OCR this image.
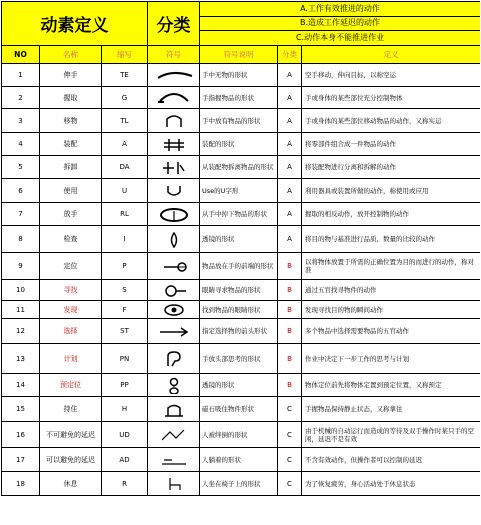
动素定义			分类	A.工作有效推进的动作		
				B.造成工作延迟的动作		
				C.动作本身不能推进作业		
NO	名称	缩写	符号	符号说明	分类	定义
1	伸手	TE		手中无物的形状	A	空手移动，伸向目标，以称空运
2	握取	G		手指握物品的形状	A	手或身体的某些部位充分控制物体
3	移物	TL		手中放有物品的形状	A	手或身体的某些部位移动物品的动作，又称实运
4	装配	A		装配的形状	A	将零部件组合成一件物品的动作
5	拆卸	DA		从装配物拆离物品的形状	A	将装配物进行分离和拆解的动作
6	使用	U		Use的U字形	A	利用器具或装置所做的动作，称使用或应用
7	放手	RL		从手中掉下物品的形状	A	握取的相反动作，放开控制物的动作
8	检查	I		透镜的形状	A	将目的物与基准进行品质，数量的比较的动作
9	定位	P		物品放在手的前端的形状	B	以将物体放置于所需的正确位置为目的而进行的动作，称对准
10	寻找	S		眼睛寻求物品的形状	B	通过五官找寻物件的动作
11	发现	F		找到物品的眼睛形状	B	发现寻找目的物的瞬间动作
12	选择	ST		指定选择物的前头形状	B	多个物品中选择需要物品的五官动作
13	计划	PN		手放头部思考的形状	B	作业中决定下一步工作的思考与计划
14	预定位	PP		透镜的形状	B	物体定位前先将物体定置到预定位置，又称预定
15	持住	H		磁石吸住物件形状	C	手握物品保持静止状态，又称拿住
16	不可避免的延迟	UD		人被绊倒的形状	C	由于机械的自动运行而造成的等待及双手操作时某只手的空闲，延迟不是有效
17	可以避免的延迟	AD		人躺着的形状	C	不含有效动作，但操作者可以控制的延迟
18	休息	R		人坐在椅子上的形状	C	为了恢复疲劳，身心活动处于休息状态
